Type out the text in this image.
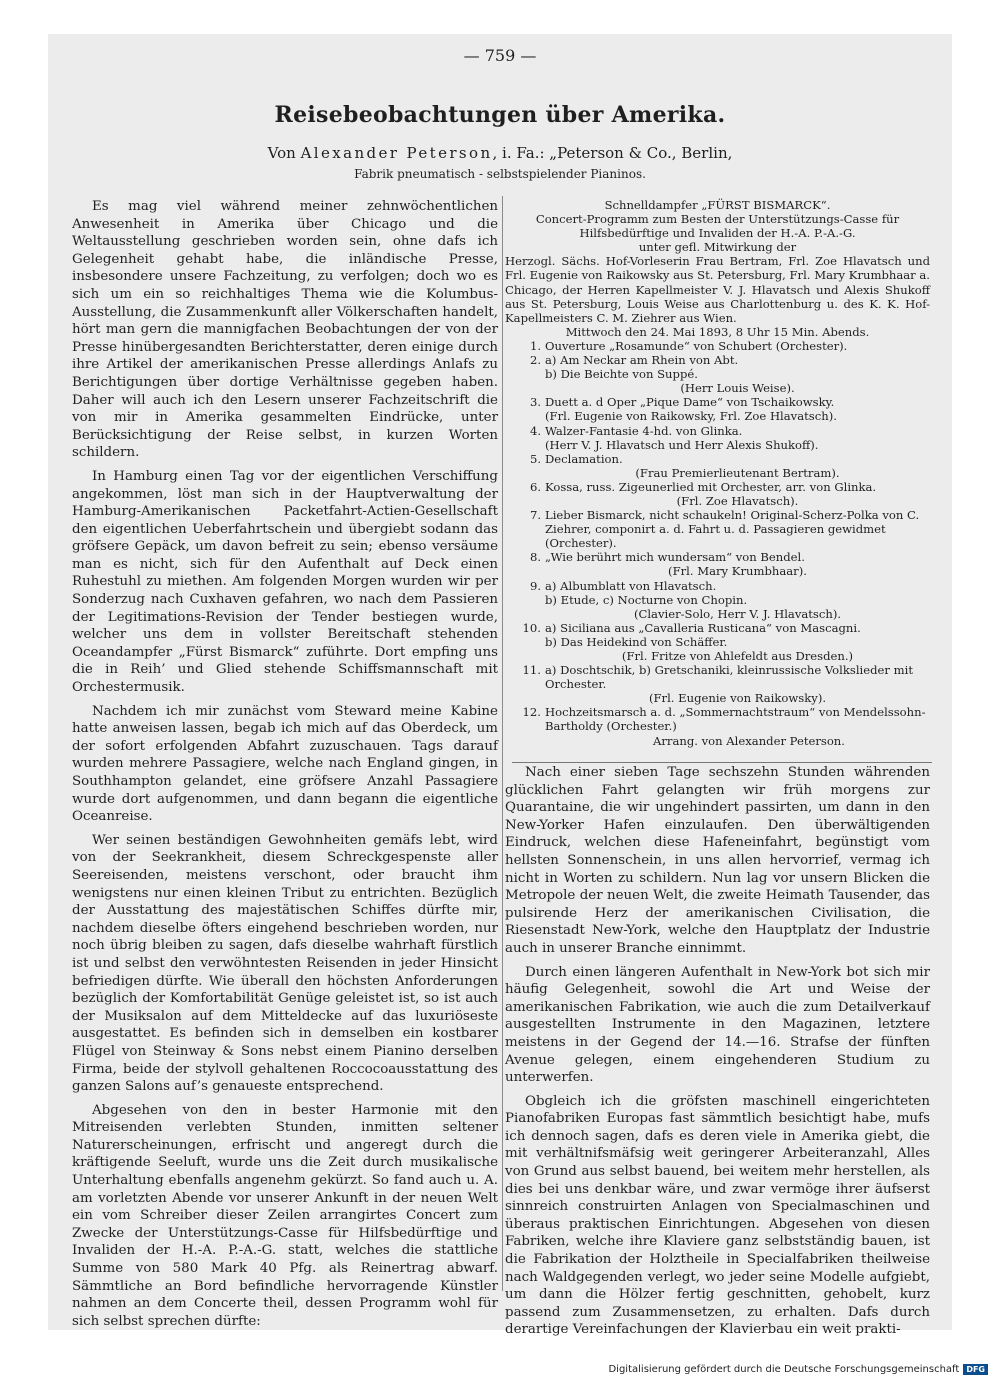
— 759 —
Reisebeobachtungen über Amerika.
Von Alexander Peterson, i. Fa.: „Peterson & Co., Berlin,
Fabrik pneumatisch - selbstspielender Pianinos.

Es mag viel während meiner zehnwöchentlichen Anwesenheit in Amerika über Chicago und die Weltausstellung geschrieben worden sein, ohne dafs ich Gelegenheit gehabt habe, die inländische Presse, insbesondere unsere Fachzeitung, zu verfolgen; doch wo es sich um ein so reichhaltiges Thema wie die Kolumbus-Ausstellung, die Zusammenkunft aller Völkerschaften handelt, hört man gern die mannigfachen Beobachtungen der von der Presse hinübergesandten Berichterstatter, deren einige durch ihre Artikel der amerikanischen Presse allerdings Anlafs zu Berichtigungen über dortige Verhältnisse gegeben haben. Daher will auch ich den Lesern unserer Fachzeitschrift die von mir in Amerika gesammelten Eindrücke, unter Berücksichtigung der Reise selbst, in kurzen Worten schildern.

In Hamburg einen Tag vor der eigentlichen Verschiffung angekommen, löst man sich in der Hauptverwaltung der Hamburg-Amerikanischen Packetfahrt-Actien-Gesellschaft den eigentlichen Ueberfahrtschein und übergiebt sodann das gröfsere Gepäck, um davon befreit zu sein; ebenso versäume man es nicht, sich für den Aufenthalt auf Deck einen Ruhestuhl zu miethen. Am folgenden Morgen wurden wir per Sonderzug nach Cuxhaven gefahren, wo nach dem Passieren der Legitimations-Revision der Tender bestiegen wurde, welcher uns dem in vollster Bereitschaft stehenden Oceandampfer „Fürst Bismarck“ zuführte. Dort empfing uns die in Reih’ und Glied stehende Schiffsmannschaft mit Orchestermusik.

Nachdem ich mir zunächst vom Steward meine Kabine hatte anweisen lassen, begab ich mich auf das Oberdeck, um der sofort erfolgenden Abfahrt zuzuschauen. Tags darauf wurden mehrere Passagiere, welche nach England gingen, in Southhampton gelandet, eine gröfsere Anzahl Passagiere wurde dort aufgenommen, und dann begann die eigentliche Oceanreise.

Wer seinen beständigen Gewohnheiten gemäfs lebt, wird von der Seekrankheit, diesem Schreckgespenste aller Seereisenden, meistens verschont, oder braucht ihm wenigstens nur einen kleinen Tribut zu entrichten. Bezüglich der Ausstattung des majestätischen Schiffes dürfte mir, nachdem dieselbe öfters eingehend beschrieben worden, nur noch übrig bleiben zu sagen, dafs dieselbe wahrhaft fürstlich ist und selbst den verwöhntesten Reisenden in jeder Hinsicht befriedigen dürfte. Wie überall den höchsten Anforderungen bezüglich der Komfortabilität Genüge geleistet ist, so ist auch der Musiksalon auf dem Mitteldecke auf das luxuriöseste ausgestattet. Es befinden sich in demselben ein kostbarer Flügel von Steinway & Sons nebst einem Pianino derselben Firma, beide der stylvoll gehaltenen Roccocoausstattung des ganzen Salons auf’s genaueste entsprechend.

Abgesehen von den in bester Harmonie mit den Mitreisenden verlebten Stunden, inmitten seltener Naturerscheinungen, erfrischt und angeregt durch die kräftigende Seeluft, wurde uns die Zeit durch musikalische Unterhaltung ebenfalls angenehm gekürzt. So fand auch u. A. am vorletzten Abende vor unserer Ankunft in der neuen Welt ein vom Schreiber dieser Zeilen arrangirtes Concert zum Zwecke der Unterstützungs-Casse für Hilfsbedürftige und Invaliden der H.-A. P.-A.-G. statt, welches die stattliche Summe von 580 Mark 40 Pfg. als Reinertrag abwarf. Sämmtliche an Bord befindliche hervorragende Künstler nahmen an dem Concerte theil, dessen Programm wohl für sich selbst sprechen dürfte:

Schnelldampfer „FÜRST BISMARCK“.
Concert-Programm zum Besten der Unterstützungs-Casse für Hilfsbedürftige und Invaliden der H.-A. P.-A.-G.
unter gefl. Mitwirkung der
Herzogl. Sächs. Hof-Vorleserin Frau Bertram, Frl. Zoe Hlavatsch und Frl. Eugenie von Raikowsky aus St. Petersburg, Frl. Mary Krumbhaar a. Chicago, der Herren Kapellmeister V. J. Hlavatsch und Alexis Shukoff aus St. Petersburg, Louis Weise aus Charlottenburg u. des K. K. Hof-Kapellmeisters C. M. Ziehrer aus Wien.
Mittwoch den 24. Mai 1893, 8 Uhr 15 Min. Abends.
1. Ouverture „Rosamunde“ von Schubert (Orchester).
2. a) Am Neckar am Rhein von Abt.
b) Die Beichte von Suppé.
(Herr Louis Weise).
3. Duett a. d Oper „Pique Dame“ von Tschaikowsky.
(Frl. Eugenie von Raikowsky, Frl. Zoe Hlavatsch).
4. Walzer-Fantasie 4-hd. von Glinka.
(Herr V. J. Hlavatsch und Herr Alexis Shukoff).
5. Declamation.
(Frau Premierlieutenant Bertram).
6. Kossa, russ. Zigeunerlied mit Orchester, arr. von Glinka.
(Frl. Zoe Hlavatsch).
7. Lieber Bismarck, nicht schaukeln! Original-Scherz-Polka von C. Ziehrer, componirt a. d. Fahrt u. d. Passagieren gewidmet (Orchester).
8. „Wie berührt mich wundersam“ von Bendel.
(Frl. Mary Krumbhaar).
9. a) Albumblatt von Hlavatsch.
b) Etude, c) Nocturne von Chopin.
(Clavier-Solo, Herr V. J. Hlavatsch).
10. a) Siciliana aus „Cavalleria Rusticana“ von Mascagni.
b) Das Heidekind von Schäffer.
(Frl. Fritze von Ahlefeldt aus Dresden.)
11. a) Doschtschik, b) Gretschaniki, kleinrussische Volkslieder mit Orchester.
(Frl. Eugenie von Raikowsky).
12. Hochzeitsmarsch a. d. „Sommernachtstraum“ von Mendelssohn-Bartholdy (Orchester.)
Arrang. von Alexander Peterson.

Nach einer sieben Tage sechszehn Stunden währenden glücklichen Fahrt gelangten wir früh morgens zur Quarantaine, die wir ungehindert passirten, um dann in den New-Yorker Hafen einzulaufen. Den überwältigenden Eindruck, welchen diese Hafeneinfahrt, begünstigt vom hellsten Sonnenschein, in uns allen hervorrief, vermag ich nicht in Worten zu schildern. Nun lag vor unsern Blicken die Metropole der neuen Welt, die zweite Heimath Tausender, das pulsirende Herz der amerikanischen Civilisation, die Riesenstadt New-York, welche den Hauptplatz der Industrie auch in unserer Branche einnimmt.

Durch einen längeren Aufenthalt in New-York bot sich mir häufig Gelegenheit, sowohl die Art und Weise der amerikanischen Fabrikation, wie auch die zum Detailverkauf ausgestellten Instrumente in den Magazinen, letztere meistens in der Gegend der 14.—16. Strafse der fünften Avenue gelegen, einem eingehenderen Studium zu unterwerfen.

Obgleich ich die gröfsten maschinell eingerichteten Pianofabriken Europas fast sämmtlich besichtigt habe, mufs ich dennoch sagen, dafs es deren viele in Amerika giebt, die mit verhältnifsmäfsig weit geringerer Arbeiteranzahl, Alles von Grund aus selbst bauend, bei weitem mehr herstellen, als dies bei uns denkbar wäre, und zwar vermöge ihrer äufserst sinnreich construirten Anlagen von Specialmaschinen und überaus praktischen Einrichtungen. Abgesehen von diesen Fabriken, welche ihre Klaviere ganz selbstständig bauen, ist die Fabrikation der Holztheile in Specialfabriken theilweise nach Waldgegenden verlegt, wo jeder seine Modelle aufgiebt, um dann die Hölzer fertig geschnitten, gehobelt, kurz passend zum Zusammensetzen, zu erhalten. Dafs durch derartige Vereinfachungen der Klavierbau ein weit prakti-

Digitalisierung gefördert durch die Deutsche Forschungsgemeinschaft DFG
